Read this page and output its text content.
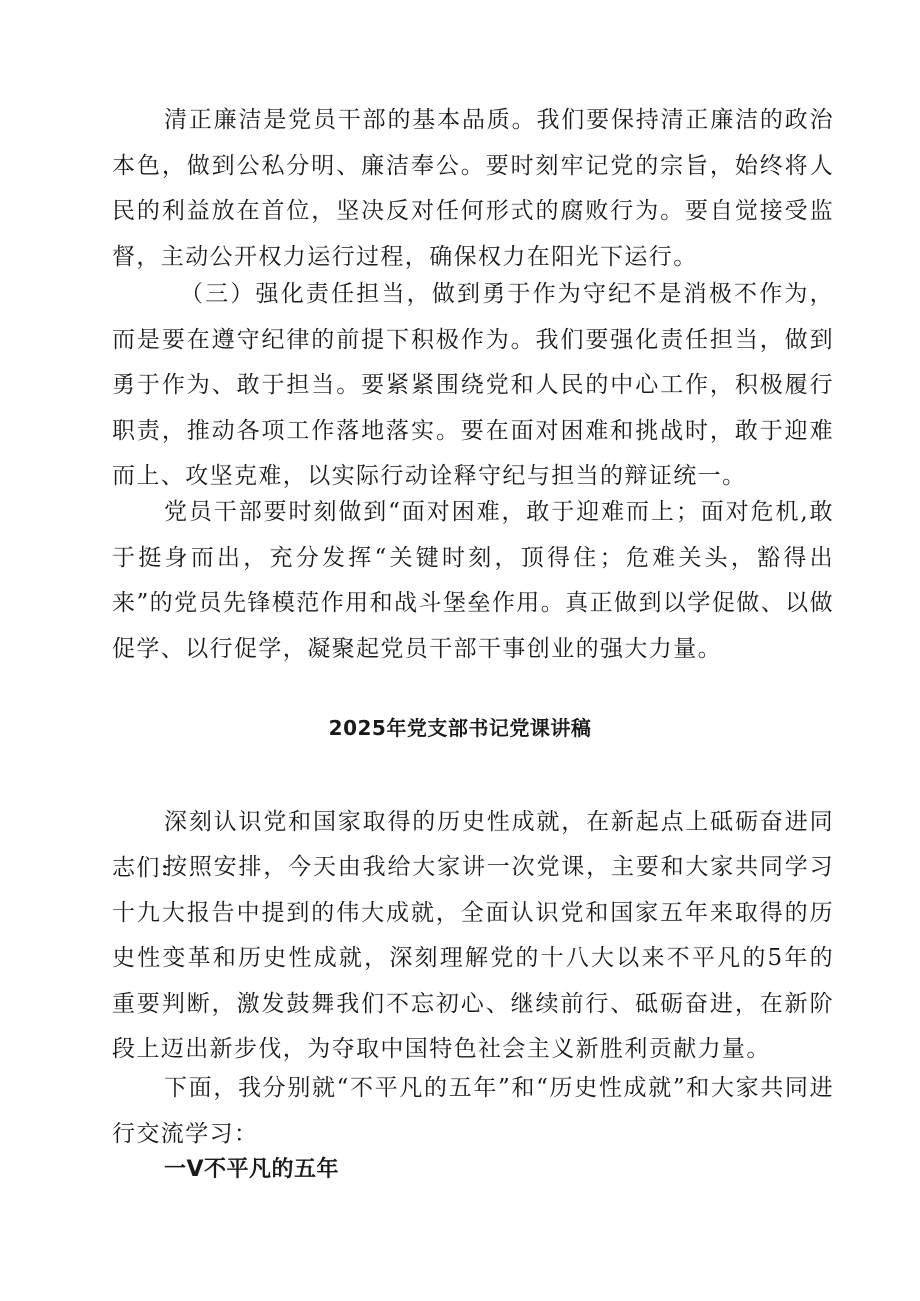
清正廉洁是党员干部的基本品质。我们要保持清正廉洁的政治本色，做到公私分明、廉洁奉公。要时刻牢记党的宗旨，始终将人民的利益放在首位，坚决反对任何形式的腐败行为。要自觉接受监督，主动公开权力运行过程，确保权力在阳光下运行。

（三）强化责任担当，做到勇于作为守纪不是消极不作为，而是要在遵守纪律的前提下积极作为。我们要强化责任担当，做到勇于作为、敢于担当。要紧紧围绕党和人民的中心工作，积极履行职责，推动各项工作落地落实。要在面对困难和挑战时，敢于迎难而上、攻坚克难，以实际行动诠释守纪与担当的辩证统一。

党员干部要时刻做到“面对困难，敢于迎难而上；面对危机,敢于挺身而出，充分发挥“关键时刻，顶得住；危难关头，豁得出来”的党员先锋模范作用和战斗堡垒作用。真正做到以学促做、以做促学、以行促学，凝聚起党员干部干事创业的强大力量。

2025年党支部书记党课讲稿

深刻认识党和国家取得的历史性成就，在新起点上砥砺奋进同志们:

按照安排，今天由我给大家讲一次党课，主要和大家共同学习十九大报告中提到的伟大成就，全面认识党和国家五年来取得的历史性变革和历史性成就，深刻理解党的十八大以来不平凡的5年的重要判断，激发鼓舞我们不忘初心、继续前行、砥砺奋进，在新阶段上迈出新步伐，为夺取中国特色社会主义新胜利贡献力量。

下面，我分别就“不平凡的五年”和“历史性成就”和大家共同进行交流学习：

一V不平凡的五年
